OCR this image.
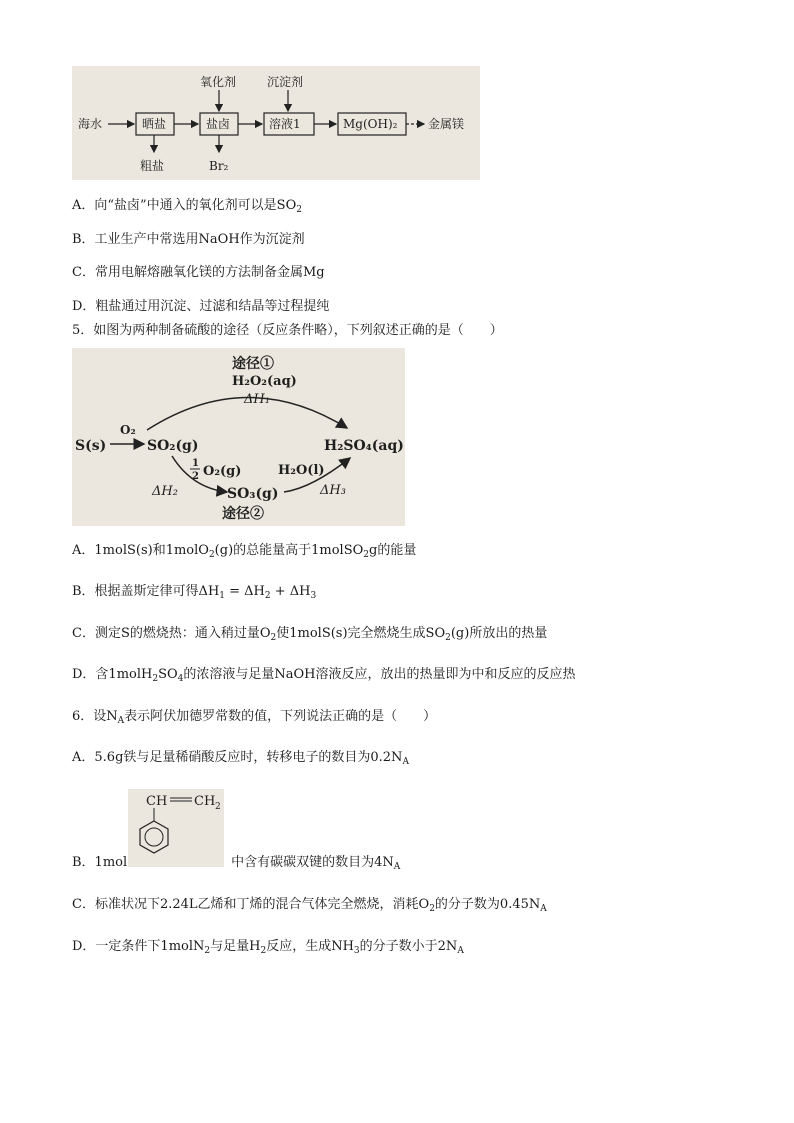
海水	晒盐	盐卤	溶液1	Mg(OH)₂	金属镁
氧化剂	沉淀剂
粗盐	Br₂
A．向“盐卤”中通入的氧化剂可以是$SO_2$
B．工业生产中常选用NaOH作为沉淀剂
C．常用电解熔融氧化镁的方法制备金属Mg
D．粗盐通过用沉淀、过滤和结晶等过程提纯
5．如图为两种制备硫酸的途径（反应条件略），下列叙述正确的是（　　）
途径①
H₂O₂(aq)
ΔH₁
S(s)
O₂
SO₂(g)	H₂SO₄(aq)
1
2 O₂(g)
ΔH₂	SO₃(g)
H₂O(l)
ΔH₃
途径②
A．1molS(s)和1molO$_2$(g)的总能量高于1molSO$_2$g的能量
B．根据盖斯定律可得$\Delta H_1 = \Delta H_2 + \Delta H_3$
C．测定S的燃烧热：通入稍过量$O_2$使1molS(s)完全燃烧生成$SO_2(g)$所放出的热量
D．含$1molH_2SO_4$的浓溶液与足量NaOH溶液反应，放出的热量即为中和反应的反应热
6．设$N_A$表示阿伏加德罗常数的值，下列说法正确的是（　　）
A．5.6g铁与足量稀硝酸反应时，转移电子的数目为$0.2N_A$
CH CH 2
B．1mol	中含有碳碳双键的数目为$4N_A$
C．标准状况下2.24L乙烯和丁烯的混合气体完全燃烧，消耗$O_2$的分子数为$0.45N_A$
D．一定条件下1molN$_2$与足量$H_2$反应，生成$NH_3$的分子数小于$2N_A$
